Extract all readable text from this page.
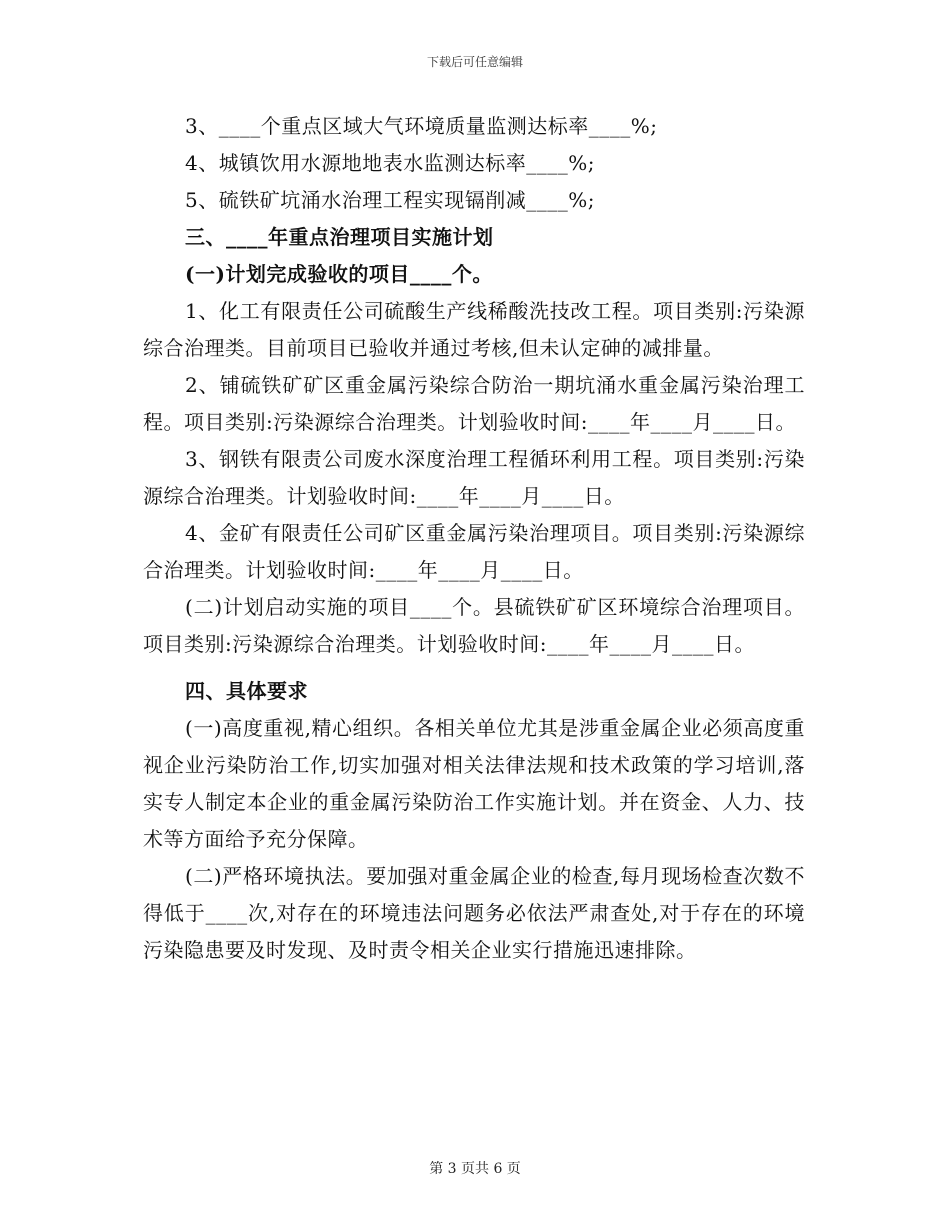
下载后可任意编辑

3、____个重点区域大气环境质量监测达标率____%;

4、城镇饮用水源地地表水监测达标率____%;

5、硫铁矿坑涌水治理工程实现镉削减____%;

三、____年重点治理项目实施计划

(一)计划完成验收的项目____个。

1、化工有限责任公司硫酸生产线稀酸洗技改工程。项目类别:污染源综合治理类。目前项目已验收并通过考核,但未认定砷的减排量。

2、铺硫铁矿矿区重金属污染综合防治一期坑涌水重金属污染治理工程。项目类别:污染源综合治理类。计划验收时间:____年____月____日。

3、钢铁有限责公司废水深度治理工程循环利用工程。项目类别:污染源综合治理类。计划验收时间:____年____月____日。

4、金矿有限责任公司矿区重金属污染治理项目。项目类别:污染源综合治理类。计划验收时间:____年____月____日。

(二)计划启动实施的项目____个。县硫铁矿矿区环境综合治理项目。项目类别:污染源综合治理类。计划验收时间:____年____月____日。

四、具体要求

(一)高度重视,精心组织。各相关单位尤其是涉重金属企业必须高度重视企业污染防治工作,切实加强对相关法律法规和技术政策的学习培训,落实专人制定本企业的重金属污染防治工作实施计划。并在资金、人力、技术等方面给予充分保障。

(二)严格环境执法。要加强对重金属企业的检查,每月现场检查次数不得低于____次,对存在的环境违法问题务必依法严肃查处,对于存在的环境污染隐患要及时发现、及时责令相关企业实行措施迅速排除。

第 3 页共 6 页
